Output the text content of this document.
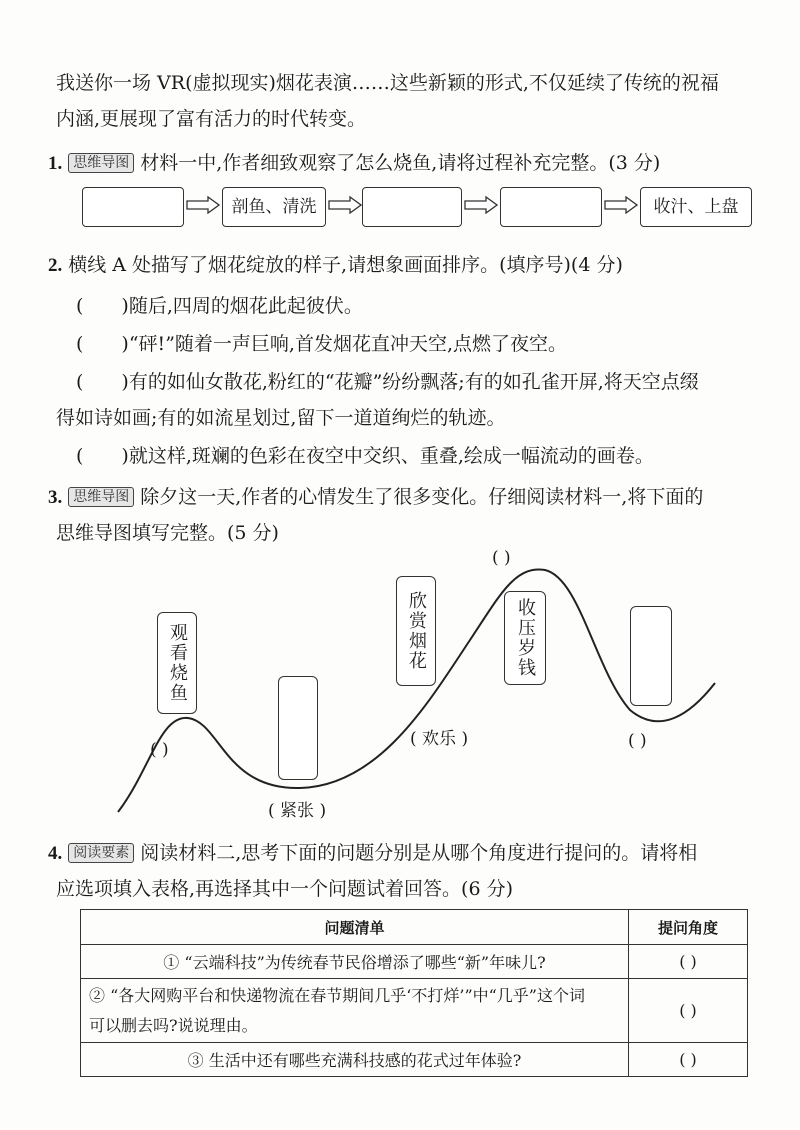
我送你一场 VR(虚拟现实)烟花表演……这些新颖的形式,不仅延续了传统的祝福
内涵,更展现了富有活力的时代转变。
1. 思维导图 材料一中,作者细致观察了怎么烧鱼,请将过程补充完整。(3 分)
剖鱼、清洗	收汁、上盘
2. 横线 A 处描写了烟花绽放的样子,请想象画面排序。(填序号)(4 分)
( )随后,四周的烟花此起彼伏。
( )“砰!”随着一声巨响,首发烟花直冲天空,点燃了夜空。
( )有的如仙女散花,粉红的“花瓣”纷纷飘落;有的如孔雀开屏,将天空点缀
得如诗如画;有的如流星划过,留下一道道绚烂的轨迹。
( )就这样,斑斓的色彩在夜空中交织、重叠,绘成一幅流动的画卷。
3. 思维导图 除夕这一天,作者的心情发生了很多变化。仔细阅读材料一,将下面的
思维导图填写完整。(5 分)
观看烧鱼	欣赏烟花	收压岁钱
( )
( 紧张 )
( 欢乐 )
( )
( )
4. 阅读要素 阅读材料二,思考下面的问题分别是从哪个角度进行提问的。请将相
应选项填入表格,再选择其中一个问题试着回答。(6 分)
问题清单	提问角度
① “云端科技”为传统春节民俗增添了哪些“新”年味儿?	( )

② “各大网购平台和快递物流在春节期间几乎‘不打烊’”中“几乎”这个词
可以删去吗?说说理由。	( )
③ 生活中还有哪些充满科技感的花式过年体验?	( )
